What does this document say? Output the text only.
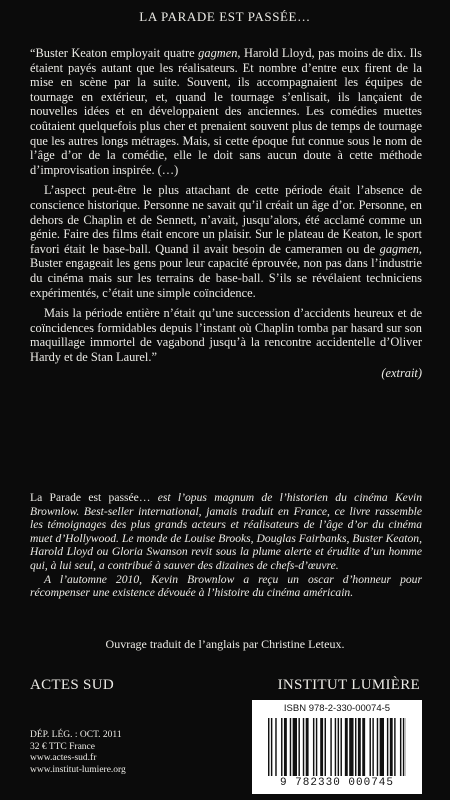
LA PARADE EST PASSÉE…

“Buster Keaton employait quatre gagmen, Harold Lloyd, pas moins de dix. Ils étaient payés autant que les réalisateurs. Et nombre d’entre eux firent de la mise en scène par la suite. Souvent, ils accompagnaient les équipes de tournage en extérieur, et, quand le tournage s’enlisait, ils lançaient de nouvelles idées et en développaient des anciennes. Les comédies muettes coûtaient quelquefois plus cher et prenaient souvent plus de temps de tournage que les autres longs métrages. Mais, si cette époque fut connue sous le nom de l’âge d’or de la comédie, elle le doit sans aucun doute à cette méthode d’improvisation inspirée. (…)

L’aspect peut-être le plus attachant de cette période était l’absence de conscience historique. Personne ne savait qu’il créait un âge d’or. Personne, en dehors de Chaplin et de Sennett, n’avait, jusqu’alors, été acclamé comme un génie. Faire des films était encore un plaisir. Sur le plateau de Keaton, le sport favori était le base-ball. Quand il avait besoin de cameramen ou de gagmen, Buster engageait les gens pour leur capacité éprouvée, non pas dans l’industrie du cinéma mais sur les terrains de base-ball. S’ils se révélaient techniciens expérimentés, c’était une simple coïncidence.

Mais la période entière n’était qu’une succession d’accidents heureux et de coïncidences formidables depuis l’instant où Chaplin tomba par hasard sur son maquillage immortel de vagabond jusqu’à la rencontre accidentelle d’Oliver Hardy et de Stan Laurel.”

(extrait)

La Parade est passée… est l’opus magnum de l’historien du cinéma Kevin Brownlow. Best-seller international, jamais traduit en France, ce livre rassemble les témoignages des plus grands acteurs et réalisateurs de l’âge d’or du cinéma muet d’Hollywood. Le monde de Louise Brooks, Douglas Fairbanks, Buster Keaton, Harold Lloyd ou Gloria Swanson revit sous la plume alerte et érudite d’un homme qui, à lui seul, a contribué à sauver des dizaines de chefs-d’œuvre.

A l’automne 2010, Kevin Brownlow a reçu un oscar d’honneur pour récompenser une existence dévouée à l’histoire du cinéma américain.

Ouvrage traduit de l’anglais par Christine Leteux.
ACTES SUD	INSTITUT LUMIÈRE
DÉP. LÉG. : OCT. 2011
32 € TTC France
www.actes-sud.fr
www.institut-lumiere.org
ISBN 978-2-330-00074-5
9 782330 000745
